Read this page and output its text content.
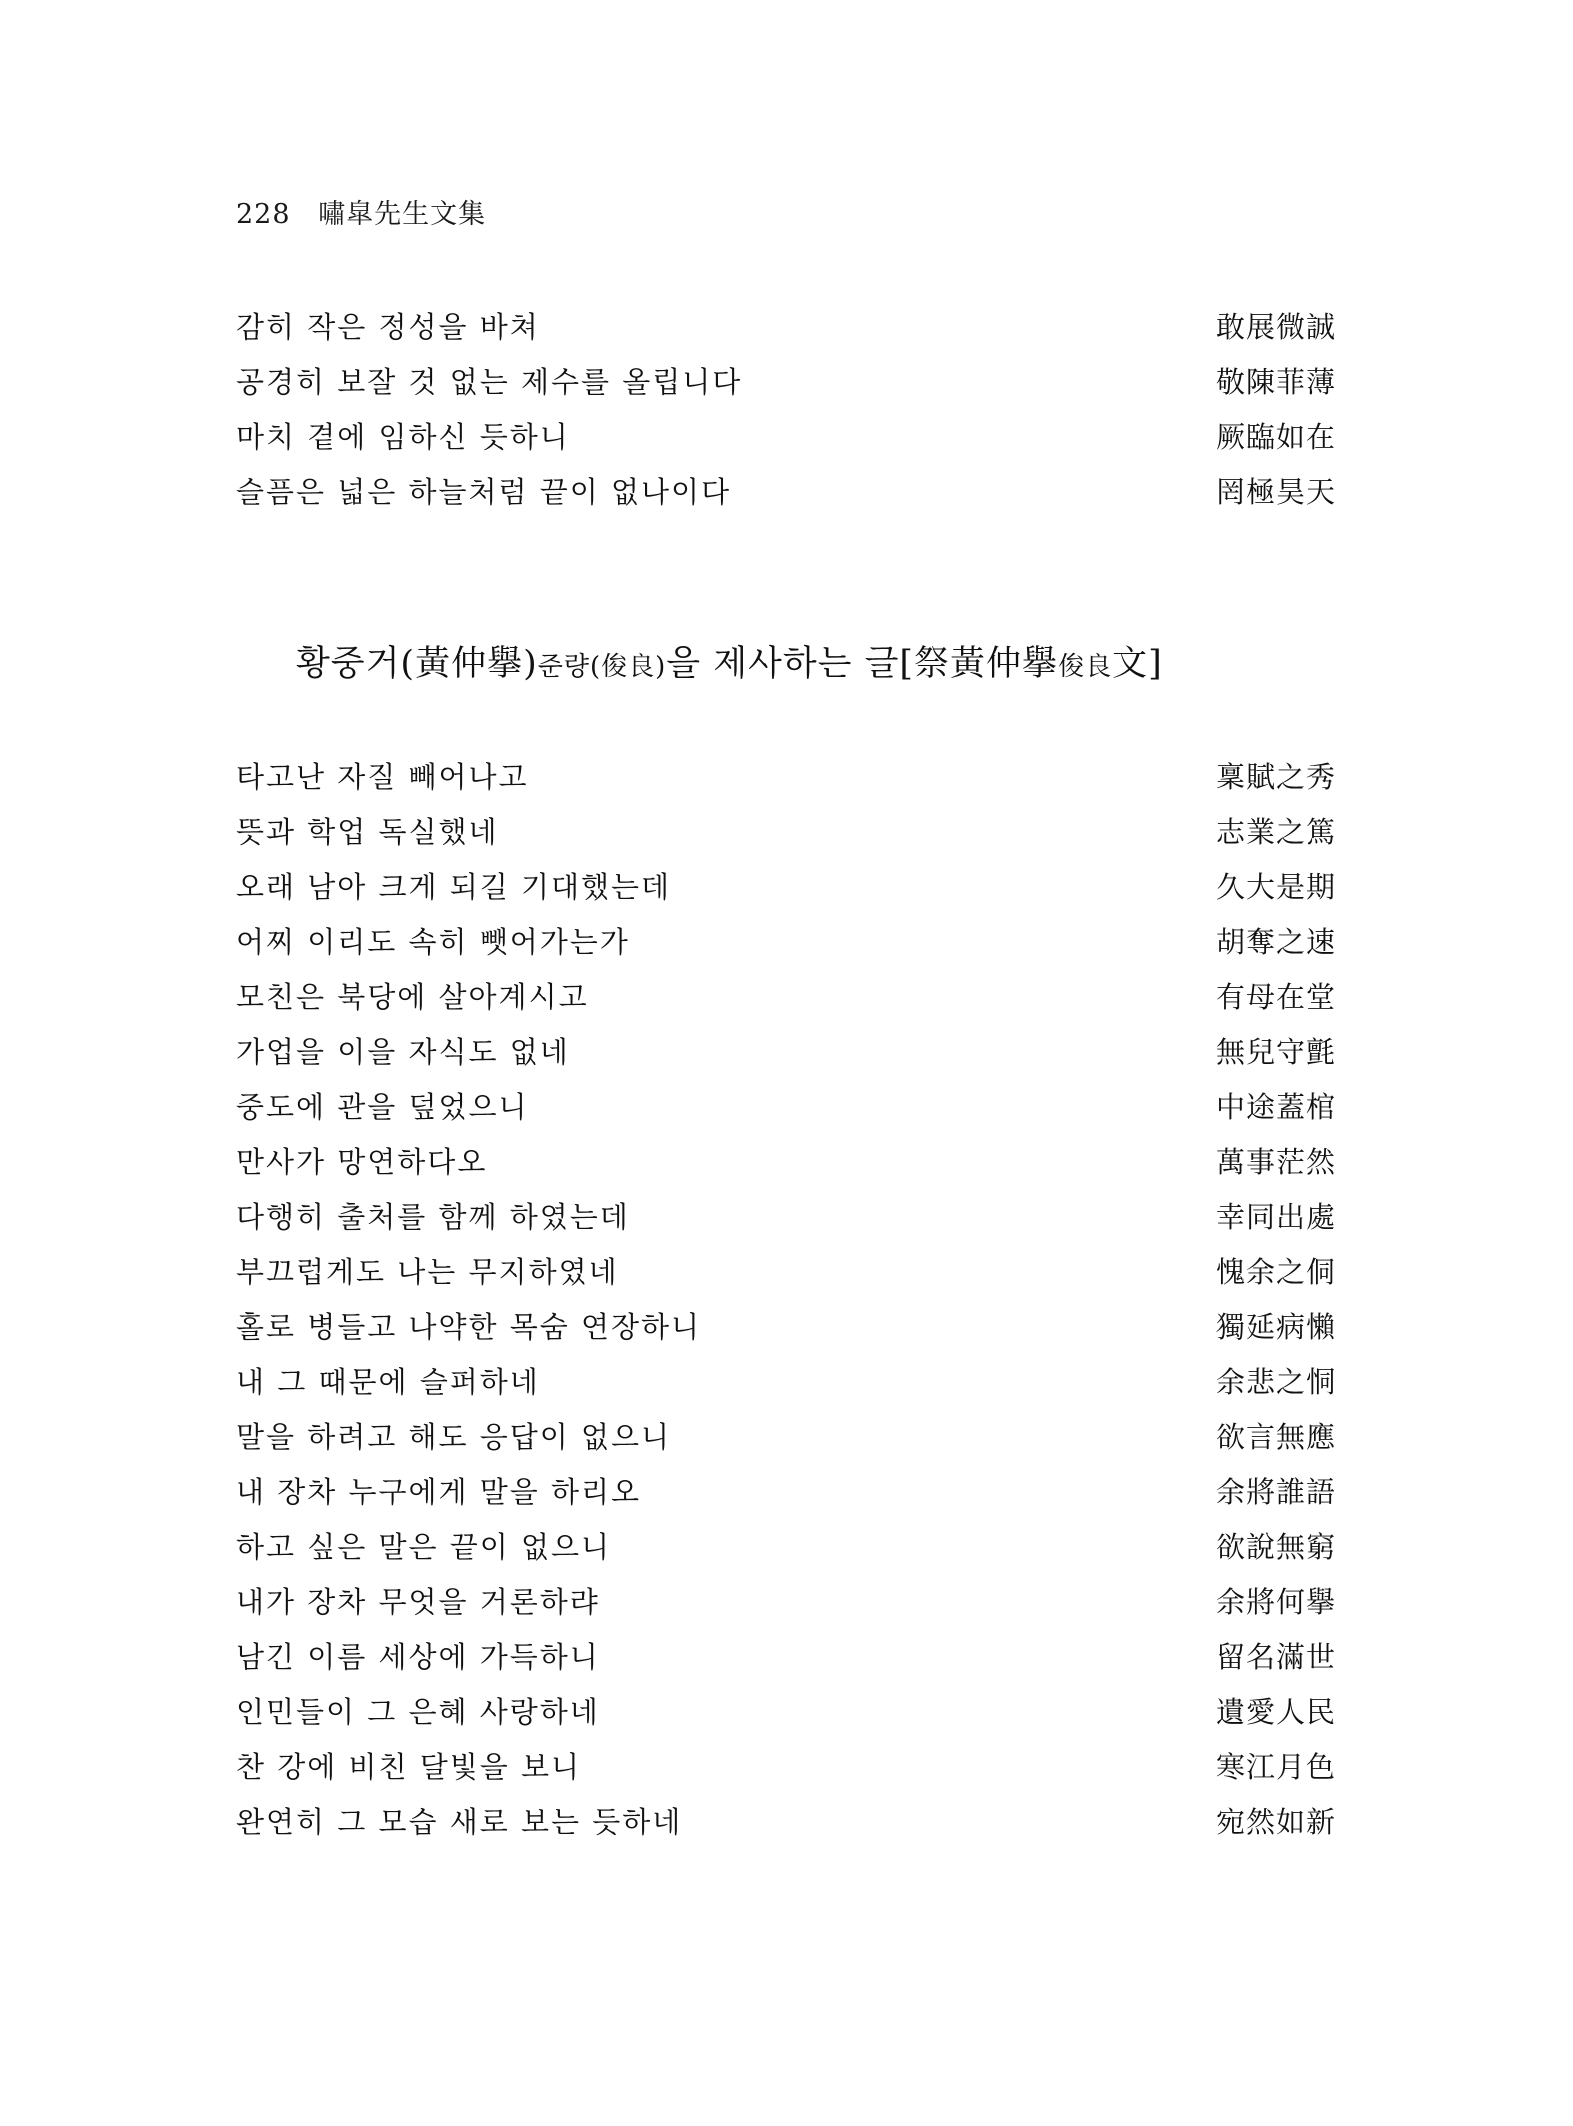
228 嘯皐先生文集
감히 작은 정성을 바쳐	敢展微誠
공경히 보잘 것 없는 제수를 올립니다	敬陳菲薄
마치 곁에 임하신 듯하니	厥臨如在
슬픔은 넓은 하늘처럼 끝이 없나이다	罔極昊天
황중거(黃仲擧)준량(俊良)을 제사하는 글[祭黃仲擧俊良文]
타고난 자질 빼어나고	稟賦之秀
뜻과 학업 독실했네	志業之篤
오래 남아 크게 되길 기대했는데	久大是期
어찌 이리도 속히 뺏어가는가	胡奪之速
모친은 북당에 살아계시고	有母在堂
가업을 이을 자식도 없네	無兒守氈
중도에 관을 덮었으니	中途蓋棺
만사가 망연하다오	萬事茫然
다행히 출처를 함께 하였는데	幸同出處
부끄럽게도 나는 무지하였네	愧余之侗
홀로 병들고 나약한 목숨 연장하니	獨延病懶
내 그 때문에 슬퍼하네	余悲之恫
말을 하려고 해도 응답이 없으니	欲言無應
내 장차 누구에게 말을 하리오	余將誰語
하고 싶은 말은 끝이 없으니	欲說無窮
내가 장차 무엇을 거론하랴	余將何擧
남긴 이름 세상에 가득하니	留名滿世
인민들이 그 은혜 사랑하네	遺愛人民
찬 강에 비친 달빛을 보니	寒江月色
완연히 그 모습 새로 보는 듯하네	宛然如新
